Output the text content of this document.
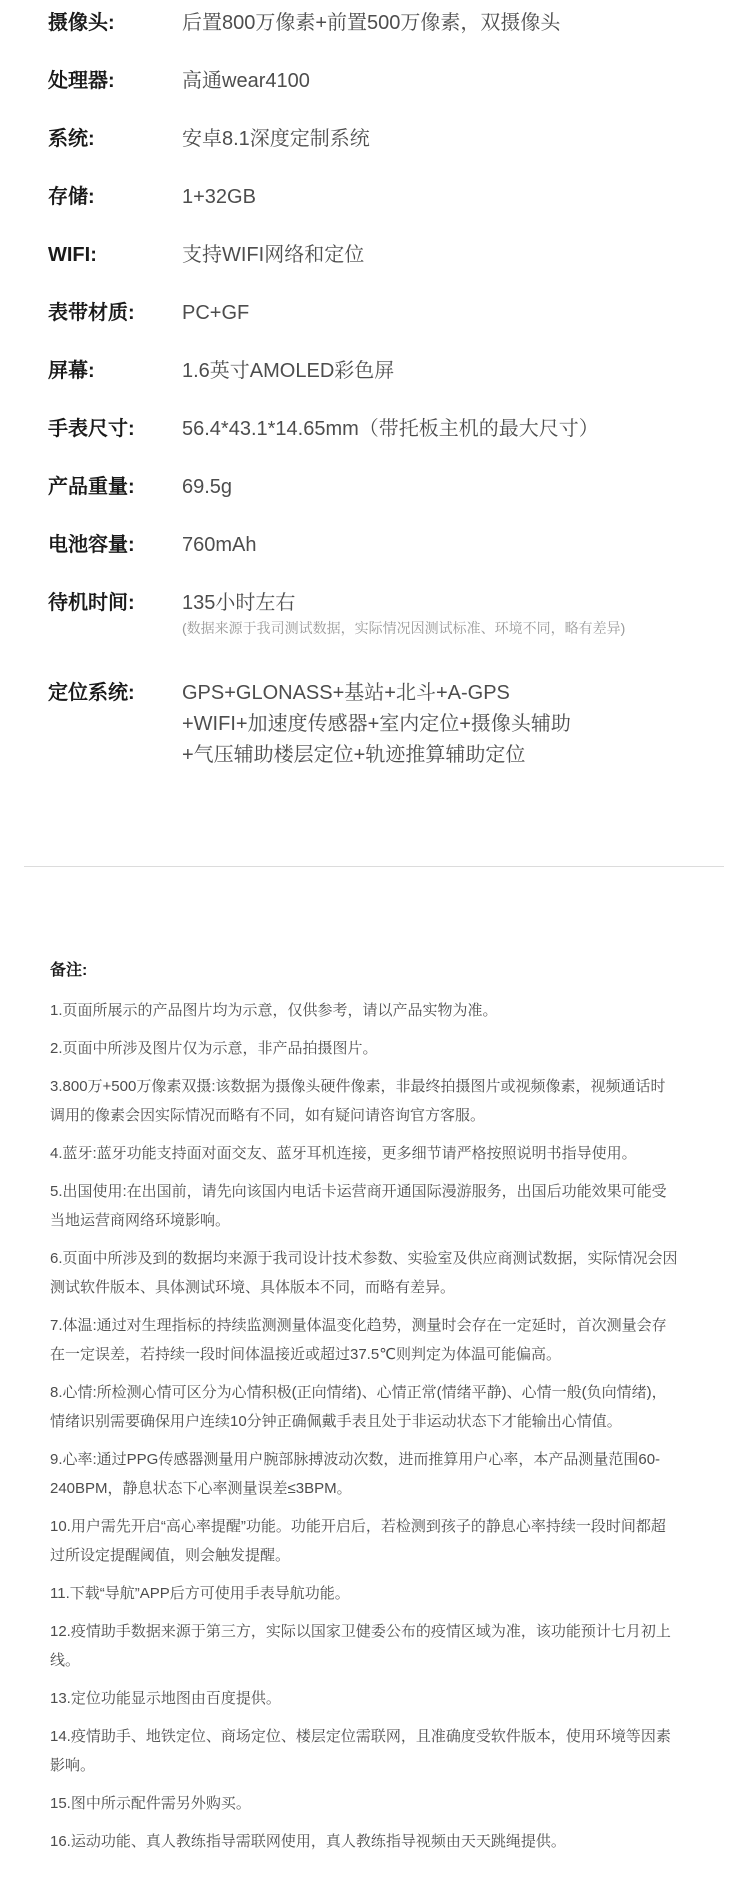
摄像头:	后置800万像素+前置500万像素，双摄像头
处理器:	高通wear4100
系统:	安卓8.1深度定制系统
存储:	1+32GB
WIFI:	支持WIFI网络和定位
表带材质:	PC+GF
屏幕:	1.6英寸AMOLED彩色屏
手表尺寸:	56.4*43.1*14.65mm（带托板主机的最大尺寸）
产品重量:	69.5g
电池容量:	760mAh
待机时间:	135小时左右
(数据来源于我司测试数据，实际情况因测试标准、环境不同，略有差异)
定位系统:	GPS+GLONASS+基站+北斗+A-GPS
+WIFI+加速度传感器+室内定位+摄像头辅助
+气压辅助楼层定位+轨迹推算辅助定位
备注:
1.页面所展示的产品图片均为示意，仅供参考，请以产品实物为准。
2.页面中所涉及图片仅为示意，非产品拍摄图片。
3.800万+500万像素双摄:该数据为摄像头硬件像素，非最终拍摄图片或视频像素，视频通话时调用的像素会因实际情况而略有不同，如有疑问请咨询官方客服。
4.蓝牙:蓝牙功能支持面对面交友、蓝牙耳机连接，更多细节请严格按照说明书指导使用。
5.出国使用:在出国前，请先向该国内电话卡运营商开通国际漫游服务，出国后功能效果可能受当地运营商网络环境影响。
6.页面中所涉及到的数据均来源于我司设计技术参数、实验室及供应商测试数据，实际情况会因测试软件版本、具体测试环境、具体版本不同，而略有差异。
7.体温:通过对生理指标的持续监测测量体温变化趋势，测量时会存在一定延时，首次测量会存在一定误差，若持续一段时间体温接近或超过37.5℃则判定为体温可能偏高。
8.心情:所检测心情可区分为心情积极(正向情绪)、心情正常(情绪平静)、心情一般(负向情绪)，情绪识别需要确保用户连续10分钟正确佩戴手表且处于非运动状态下才能输出心情值。
9.心率:通过PPG传感器测量用户腕部脉搏波动次数，进而推算用户心率，本产品测量范围60-240BPM，静息状态下心率测量误差≤3BPM。
10.用户需先开启“高心率提醒”功能。功能开启后，若检测到孩子的静息心率持续一段时间都超过所设定提醒阈值，则会触发提醒。
11.下载“导航”APP后方可使用手表导航功能。
12.疫情助手数据来源于第三方，实际以国家卫健委公布的疫情区域为准，该功能预计七月初上线。
13.定位功能显示地图由百度提供。
14.疫情助手、地铁定位、商场定位、楼层定位需联网，且准确度受软件版本，使用环境等因素影响。
15.图中所示配件需另外购买。
16.运动功能、真人教练指导需联网使用，真人教练指导视频由天天跳绳提供。
